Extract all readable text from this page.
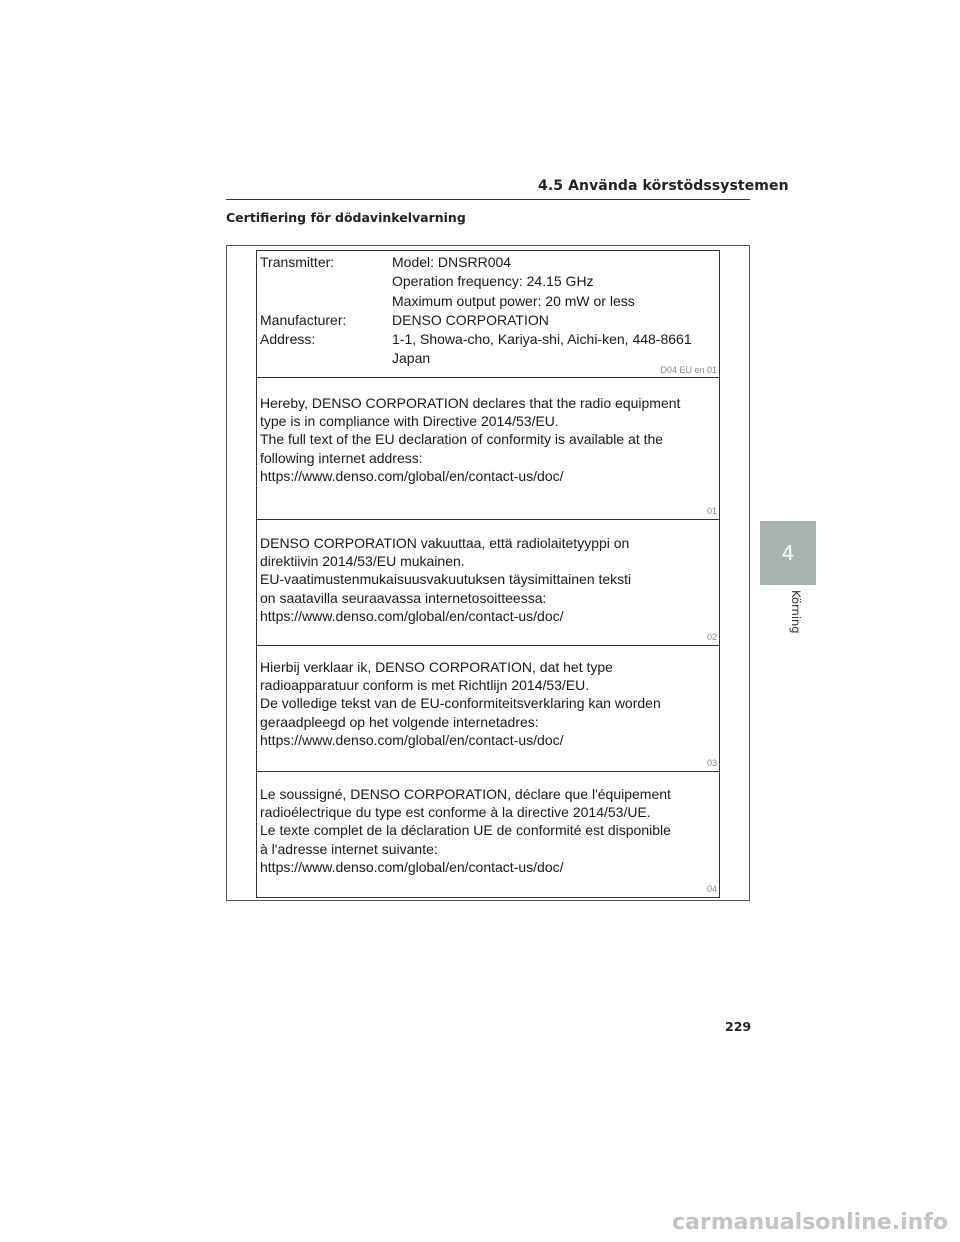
4.5 Använda körstödssystemen
Certifiering för dödavinkelvarning
Transmitter:	Model: DNSRR004
Operation frequency: 24.15 GHz
Maximum output power: 20 mW or less
Manufacturer:	DENSO CORPORATION
Address:	1-1, Showa-cho, Kariya-shi, Aichi-ken, 448-8661
Japan
D04 EU en 01
Hereby, DENSO CORPORATION declares that the radio equipment
type is in compliance with Directive 2014/53/EU.
The full text of the EU declaration of conformity is available at the
following internet address:
https://www.denso.com/global/en/contact-us/doc/
01
DENSO CORPORATION vakuuttaa, että radiolaitetyyppi on
direktiivin 2014/53/EU mukainen.
EU-vaatimustenmukaisuusvakuutuksen täysimittainen teksti
on saatavilla seuraavassa internetosoitteessa:
https://www.denso.com/global/en/contact-us/doc/
02
Hierbij verklaar ik, DENSO CORPORATION, dat het type
radioapparatuur conform is met Richtlijn 2014/53/EU.
De volledige tekst van de EU-conformiteitsverklaring kan worden
geraadpleegd op het volgende internetadres:
https://www.denso.com/global/en/contact-us/doc/
03
Le soussigné, DENSO CORPORATION, déclare que l'équipement
radioélectrique du type est conforme à la directive 2014/53/UE.
Le texte complet de la déclaration UE de conformité est disponible
à l'adresse internet suivante:
https://www.denso.com/global/en/contact-us/doc/
04
4
Körning
229
carmanualsonline.info
